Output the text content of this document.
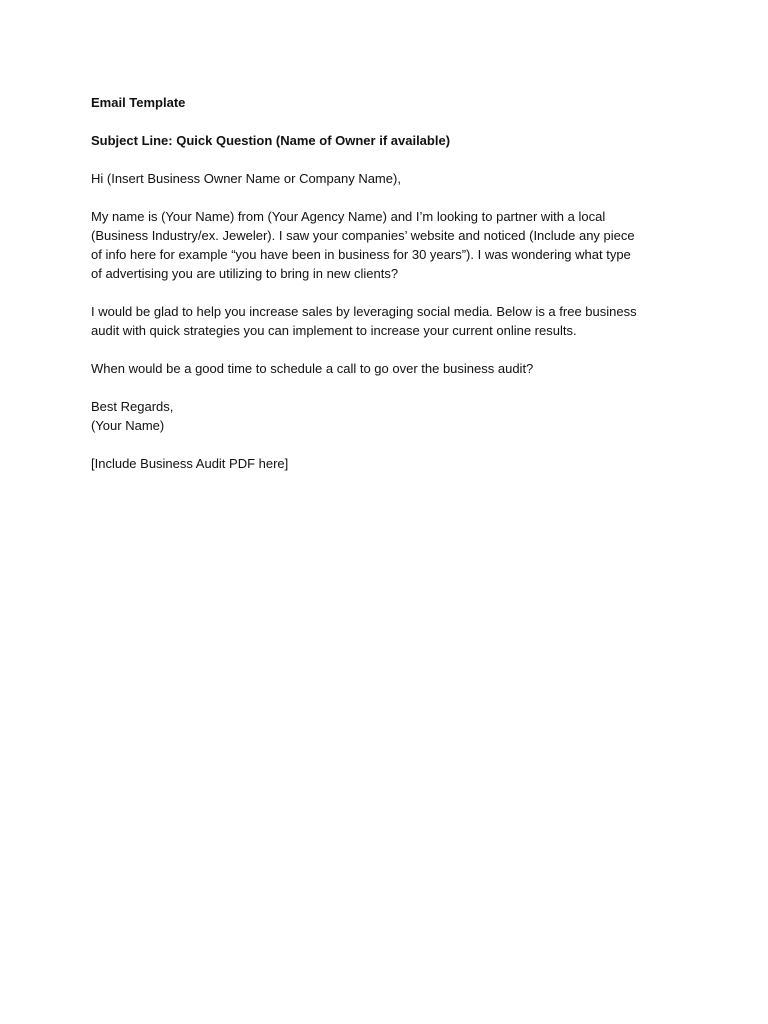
Email Template
Subject Line: Quick Question (Name of Owner if available)
Hi (Insert Business Owner Name or Company Name),
My name is (Your Name) from (Your Agency Name) and I’m looking to partner with a local
(Business Industry/ex. Jeweler). I saw your companies’ website and noticed (Include any piece
of info here for example “you have been in business for 30 years”). I was wondering what type
of advertising you are utilizing to bring in new clients?
I would be glad to help you increase sales by leveraging social media. Below is a free business
audit with quick strategies you can implement to increase your current online results.
When would be a good time to schedule a call to go over the business audit?
Best Regards,
(Your Name)
[Include Business Audit PDF here]
